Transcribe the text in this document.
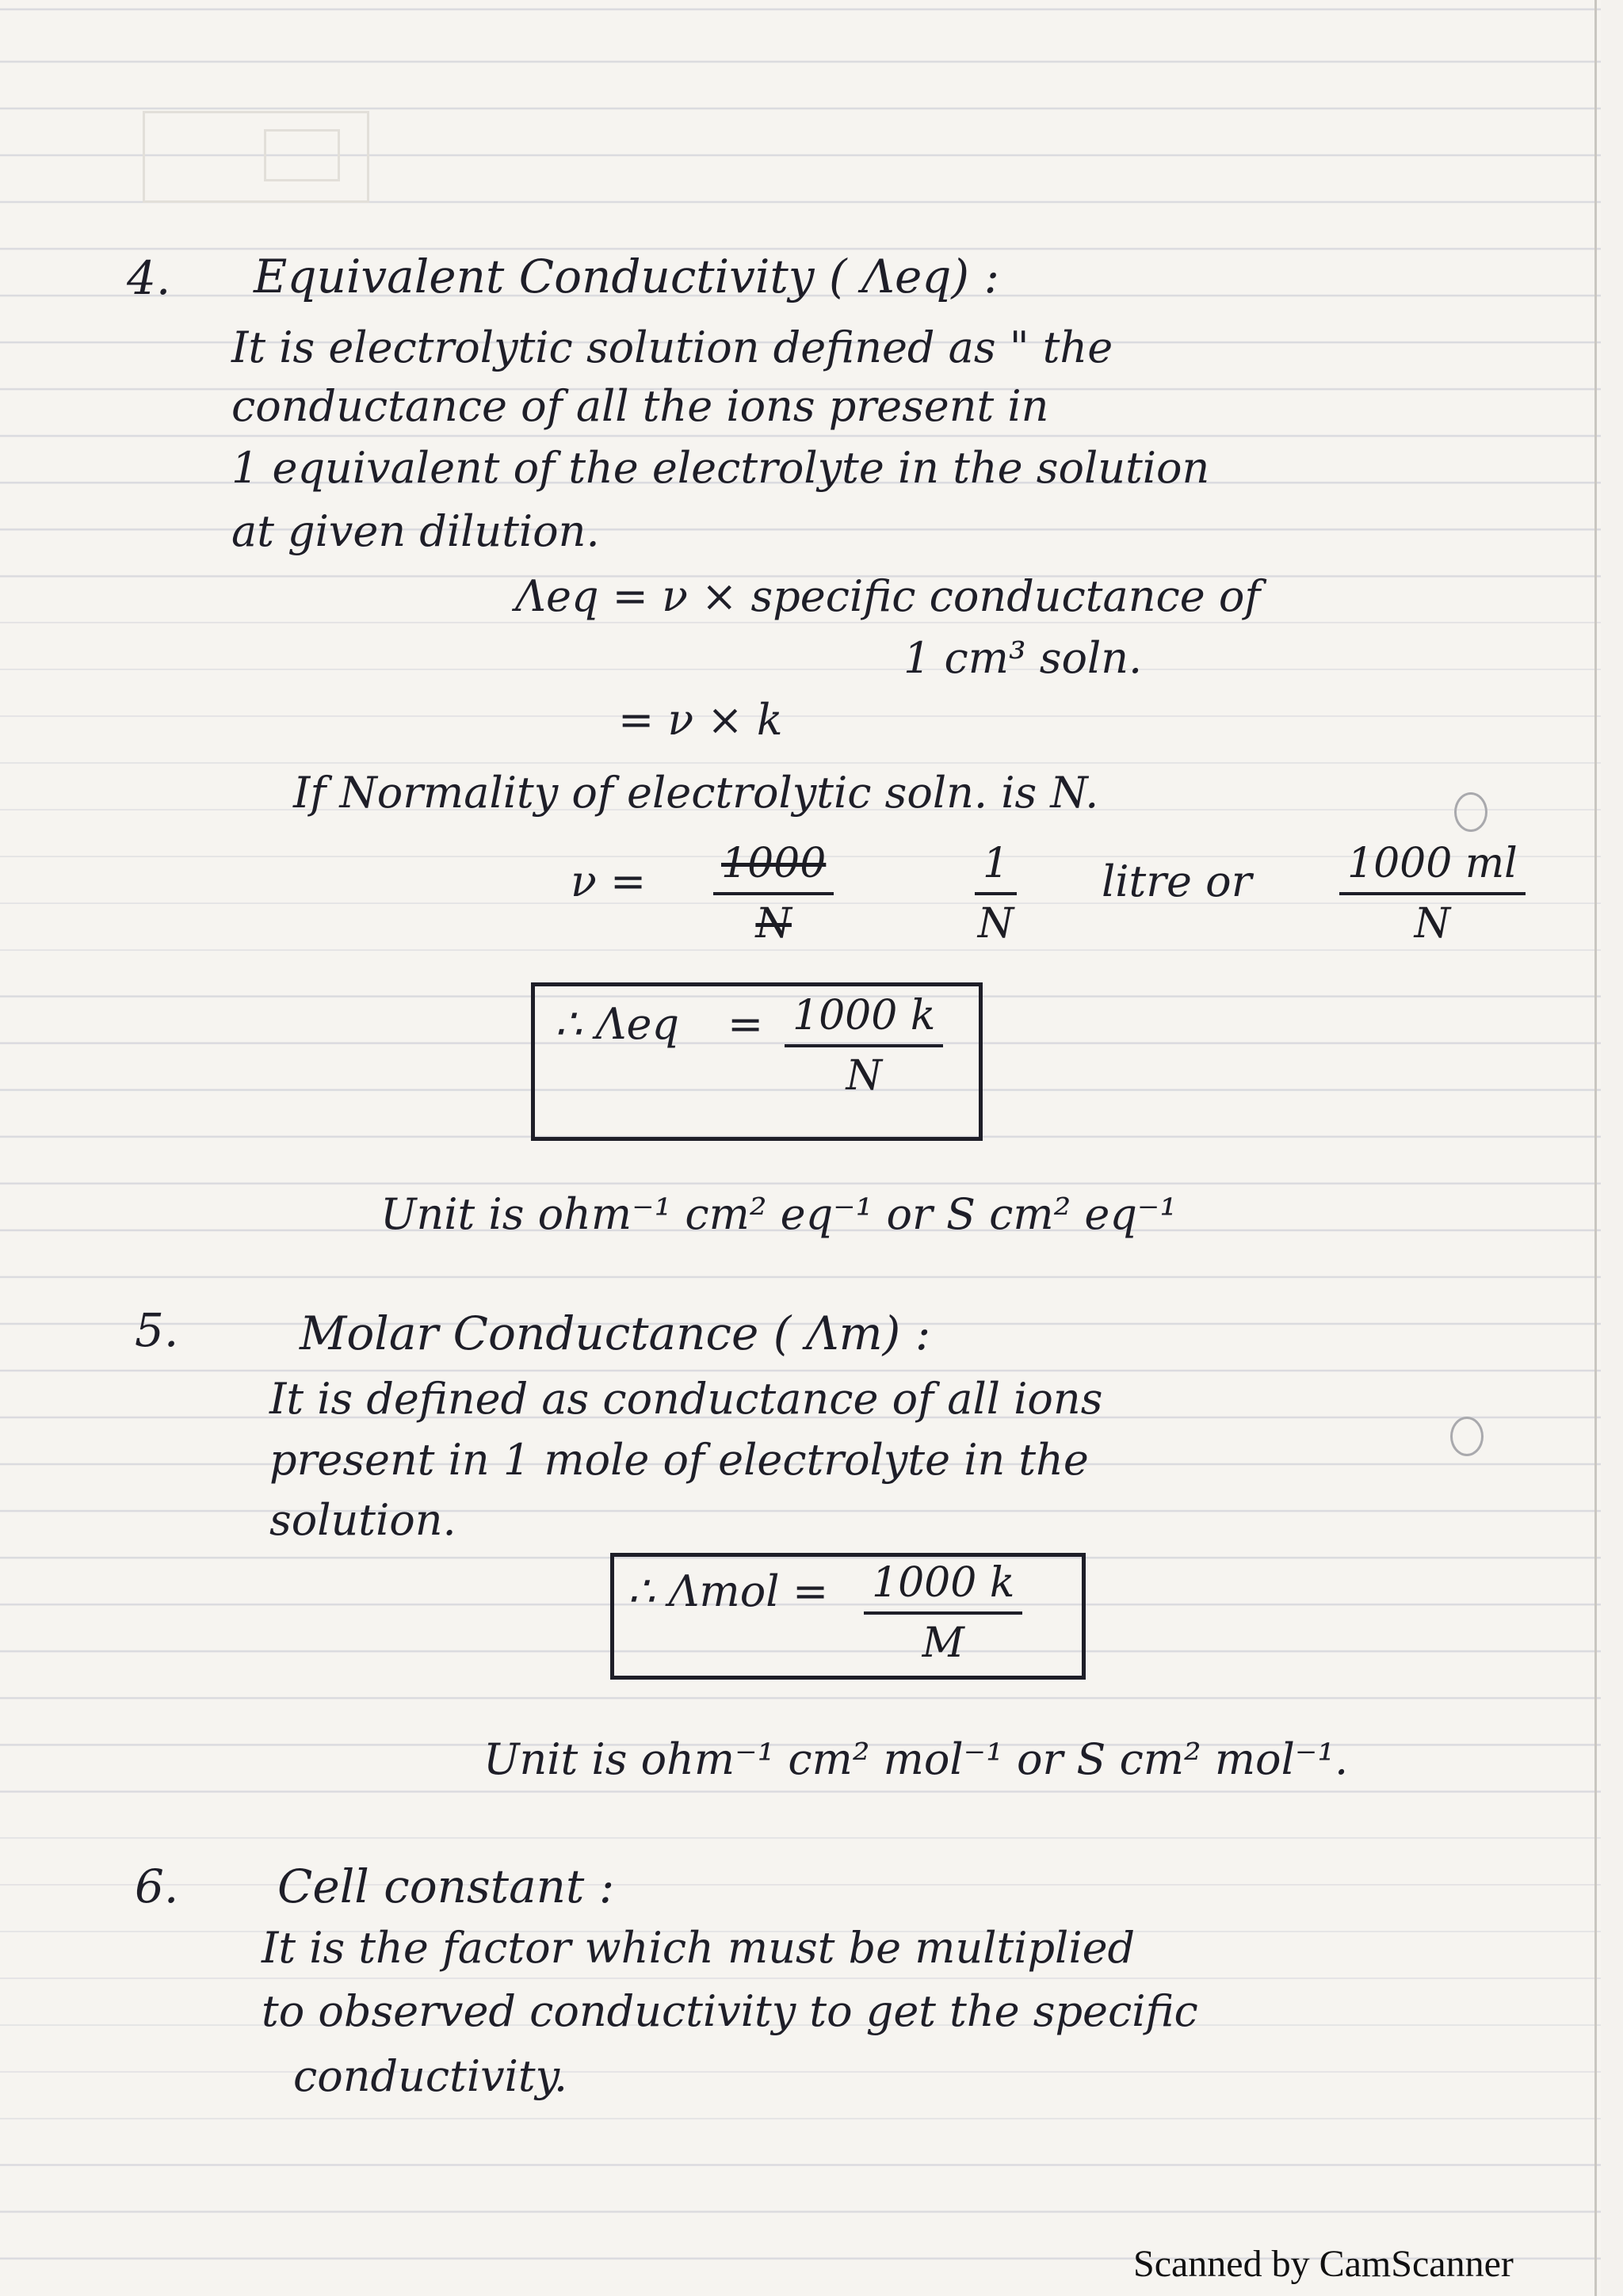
4. Equivalent Conductivity ( Λeq) :
It is electrolytic solution defined as " the
conductance of all the ions present in
1 equivalent of the electrolyte in the solution
at given dilution.
Λeq = ν × specific conductance of
1 cm³ soln.
= ν × k
If Normality of electrolytic soln. is N.
$\nu = \frac{1000}{N}$	$\frac{1}{N}$ litre or $\frac{1000 ml}{N}$
∴ $\Lambda eq = \frac{1000 k}{N}$
Unit is ohm⁻¹ cm² eq⁻¹ or S cm² eq⁻¹
5.	Molar Conductance ( Λm) :
It is defined as conductance of all ions
present in 1 mole of electrolyte in the
solution.
∴ $\Lambda mol = \frac{1000 k}{M}$
Unit is ohm⁻¹ cm² mol⁻¹ or S cm² mol⁻¹.
6. Cell constant :
It is the factor which must be multiplied
to observed conductivity to get the specific
conductivity.
Scanned by CamScanner
